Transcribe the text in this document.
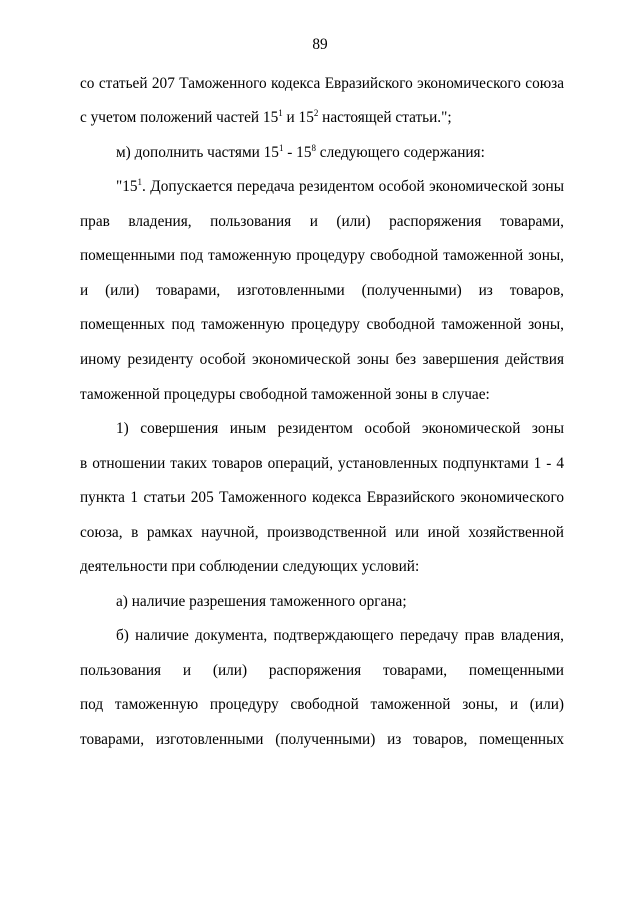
89
со статьей 207 Таможенного кодекса Евразийского экономического союза
с учетом положений частей $15^1$ и $15^2$ настоящей статьи.";
м) дополнить частями $15^1 - 15^8$ следующего содержания:
"$15^1$. Допускается передача резидентом особой экономической зоны
прав владения, пользования и (или) распоряжения товарами,
помещенными под таможенную процедуру свободной таможенной зоны,
и (или) товарами, изготовленными (полученными) из товаров,
помещенных под таможенную процедуру свободной таможенной зоны,
иному резиденту особой экономической зоны без завершения действия
таможенной процедуры свободной таможенной зоны в случае:
1) совершения иным резидентом особой экономической зоны
в отношении таких товаров операций, установленных подпунктами 1 - 4
пункта 1 статьи 205 Таможенного кодекса Евразийского экономического
союза, в рамках научной, производственной или иной хозяйственной
деятельности при соблюдении следующих условий:
а) наличие разрешения таможенного органа;
б) наличие документа, подтверждающего передачу прав владения,
пользования и (или) распоряжения товарами, помещенными
под таможенную процедуру свободной таможенной зоны, и (или)
товарами, изготовленными (полученными) из товаров, помещенных
